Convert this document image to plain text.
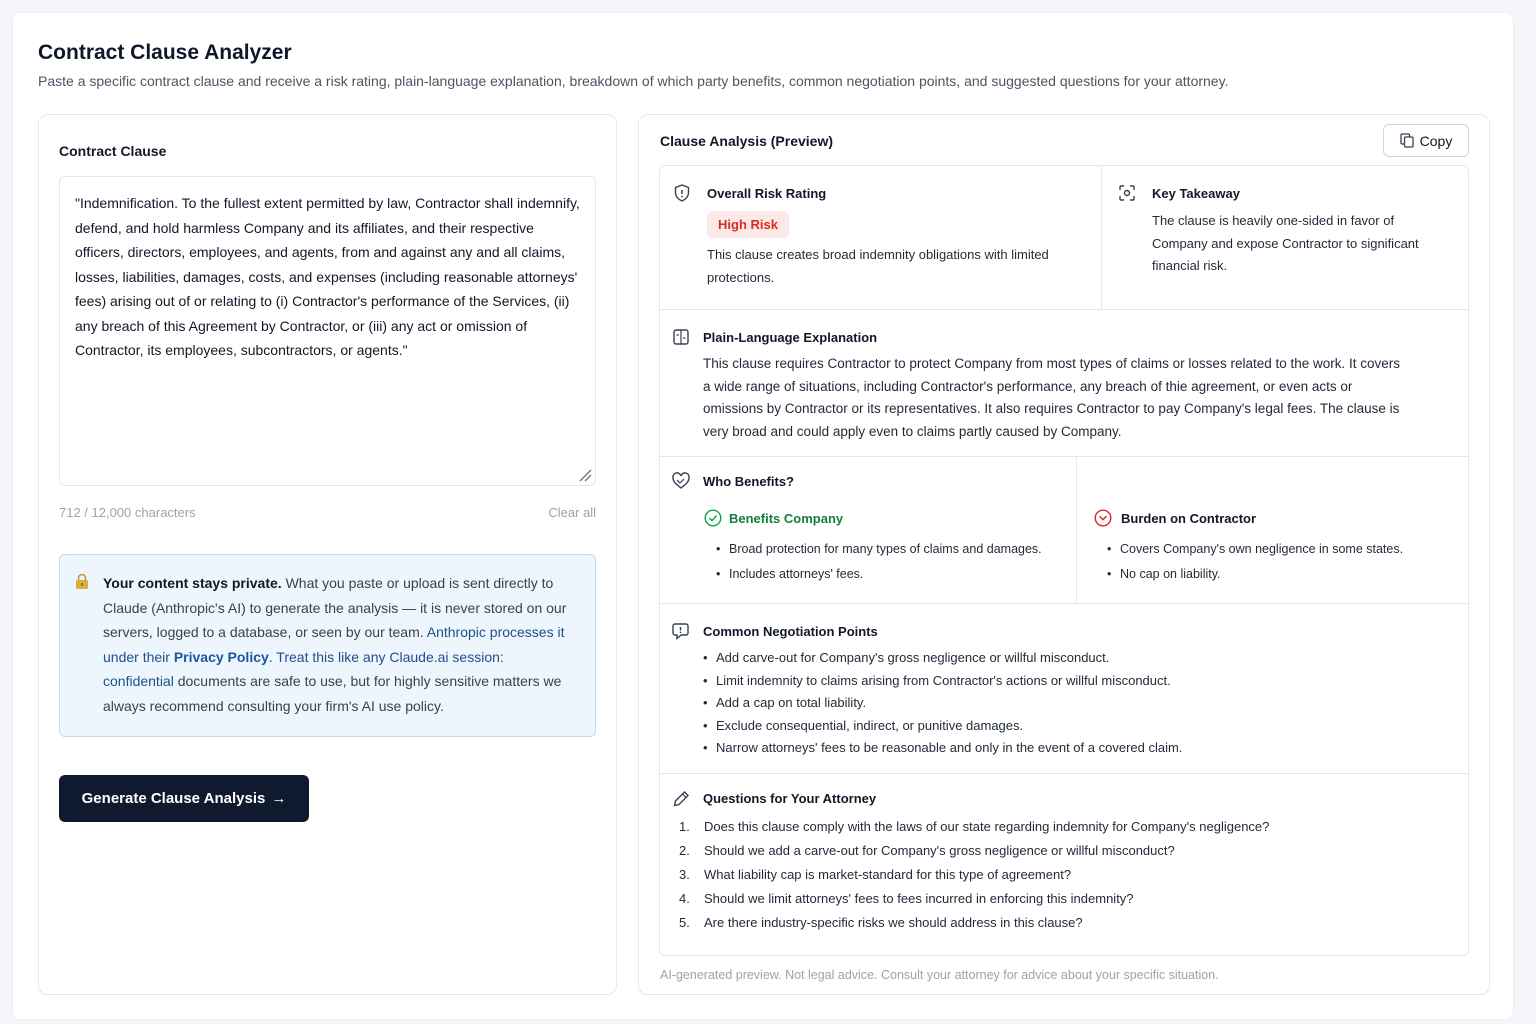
Contract Clause Analyzer
Paste a specific contract clause and receive a risk rating, plain-language explanation, breakdown of which party benefits, common negotiation points, and suggested questions for your attorney.
Contract Clause
"Indemnification. To the fullest extent permitted by law, Contractor shall indemnify, defend, and hold harmless Company and its affiliates, and their respective officers, directors, employees, and agents, from and against any and all claims, losses, liabilities, damages, costs, and expenses (including reasonable attorneys' fees) arising out of or relating to (i) Contractor's performance of the Services, (ii) any breach of this Agreement by Contractor, or (iii) any act or omission of Contractor, its employees, subcontractors, or agents."
712 / 12,000 characters	Clear all
Your content stays private. What you paste or upload is sent directly to Claude (Anthropic's AI) to generate the analysis — it is never stored on our servers, logged to a database, or seen by our team. Anthropic processes it under their Privacy Policy. Treat this like any Claude.ai session: confidential documents are safe to use, but for highly sensitive matters we always recommend consulting your firm's AI use policy.
Generate Clause Analysis →
Clause Analysis (Preview)	Copy
Overall Risk Rating
High Risk
This clause creates broad indemnity obligations with limited protections.
Key Takeaway
The clause is heavily one-sided in favor of Company and expose Contractor to significant financial risk.
Plain-Language Explanation
This clause requires Contractor to protect Company from most types of claims or losses related to the work. It covers a wide range of situations, including Contractor's performance, any breach of thie agreement, or even acts or omissions by Contractor or its representatives. It also requires Contractor to pay Company's legal fees. The clause is very broad and could apply even to claims partly caused by Company.
Who Benefits?
Benefits Company
• Broad protection for many types of claims and damages.
• Includes attorneys' fees.
Burden on Contractor
• Covers Company's own negligence in some states.
• No cap on liability.
Common Negotiation Points
• Add carve-out for Company's gross negligence or willful misconduct.
• Limit indemnity to claims arising from Contractor's actions or willful misconduct.
• Add a cap on total liability.
• Exclude consequential, indirect, or punitive damages.
• Narrow attorneys' fees to be reasonable and only in the event of a covered claim.
Questions for Your Attorney
1. Does this clause comply with the laws of our state regarding indemnity for Company's negligence?
2. Should we add a carve-out for Company's gross negligence or willful misconduct?
3. What liability cap is market-standard for this type of agreement?
4. Should we limit attorneys' fees to fees incurred in enforcing this indemnity?
5. Are there industry-specific risks we should address in this clause?
AI-generated preview. Not legal advice. Consult your attorney for advice about your specific situation.
